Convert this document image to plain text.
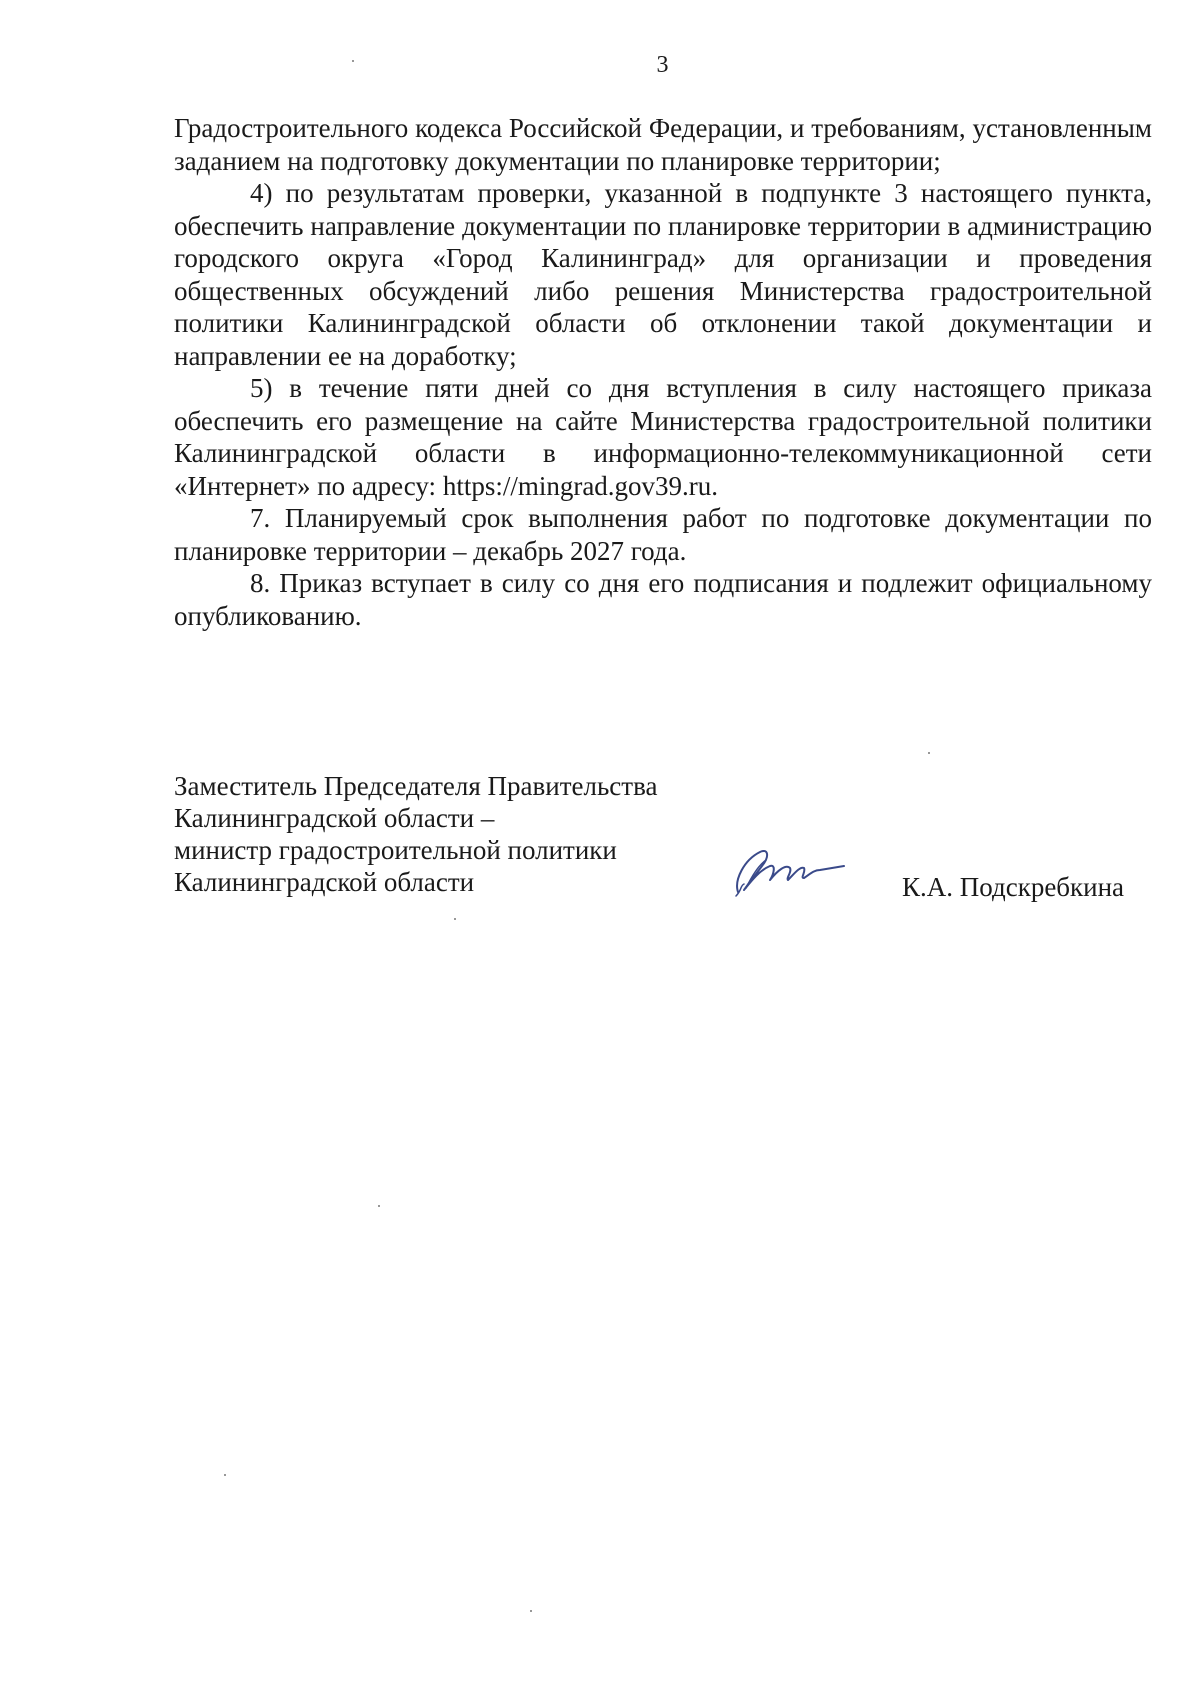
3

Градостроительного кодекса Российской Федерации, и требованиям, установленным заданием на подготовку документации по планировке территории;

4) по результатам проверки, указанной в подпункте 3 настоящего пункта, обеспечить направление документации по планировке территории в администрацию городского округа «Город Калининград» для организации и проведения общественных обсуждений либо решения Министерства градостроительной политики Калининградской области об отклонении такой документации и направлении ее на доработку;

5) в течение пяти дней со дня вступления в силу настоящего приказа обеспечить его размещение на сайте Министерства градостроительной политики Калининградской области в информационно-телекоммуникационной сети «Интернет» по адресу: https://mingrad.gov39.ru.

7. Планируемый срок выполнения работ по подготовке документации по планировке территории – декабрь 2027 года.

8. Приказ вступает в силу со дня его подписания и подлежит официальному опубликованию.

Заместитель Председателя Правительства
Калининградской области –
министр градостроительной политики
Калининградской области	К.А. Подскребкина
